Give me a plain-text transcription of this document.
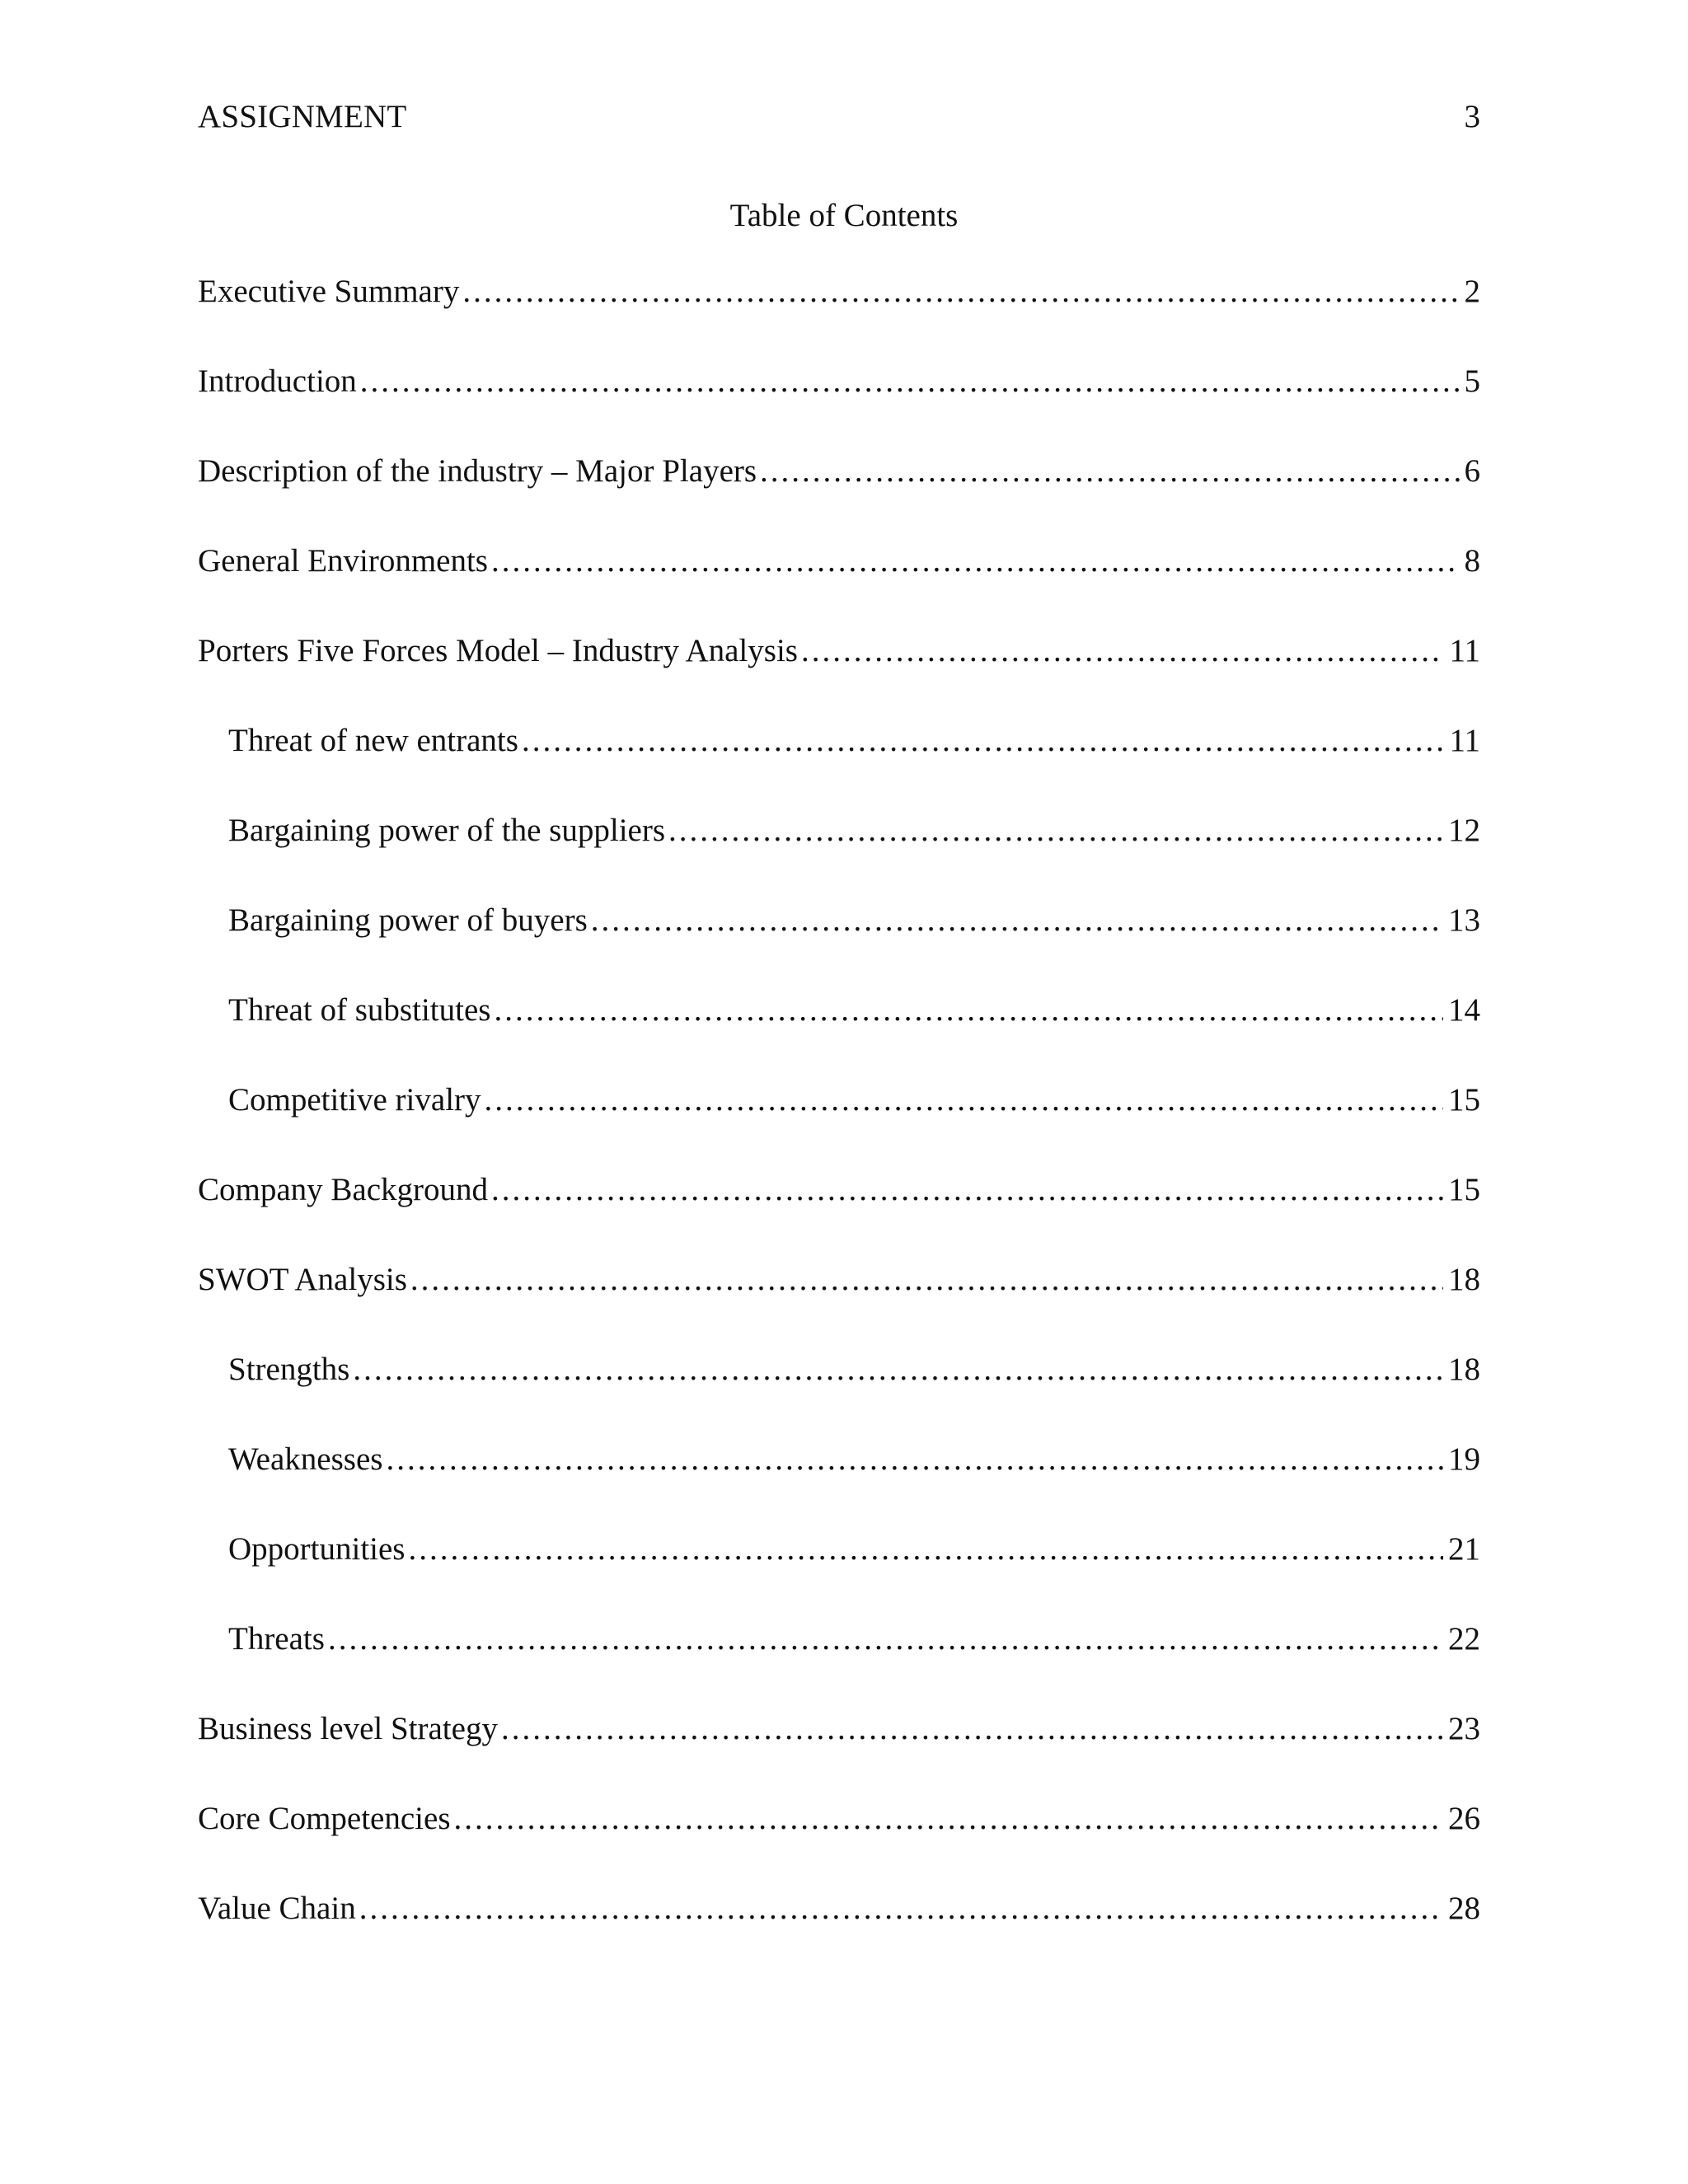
ASSIGNMENT	3
Table of Contents
Executive Summary .....	2
Introduction .....	5
Description of the industry – Major Players .....	6
General Environments .....	8
Porters Five Forces Model – Industry Analysis .....	11
Threat of new entrants .....	11
Bargaining power of the suppliers .....	12
Bargaining power of buyers .....	13
Threat of substitutes .....	14
Competitive rivalry .....	15
Company Background .....	15
SWOT Analysis .....	18
Strengths .....	18
Weaknesses .....	19
Opportunities .....	21
Threats .....	22
Business level Strategy .....	23
Core Competencies .....	26
Value Chain .....	28
